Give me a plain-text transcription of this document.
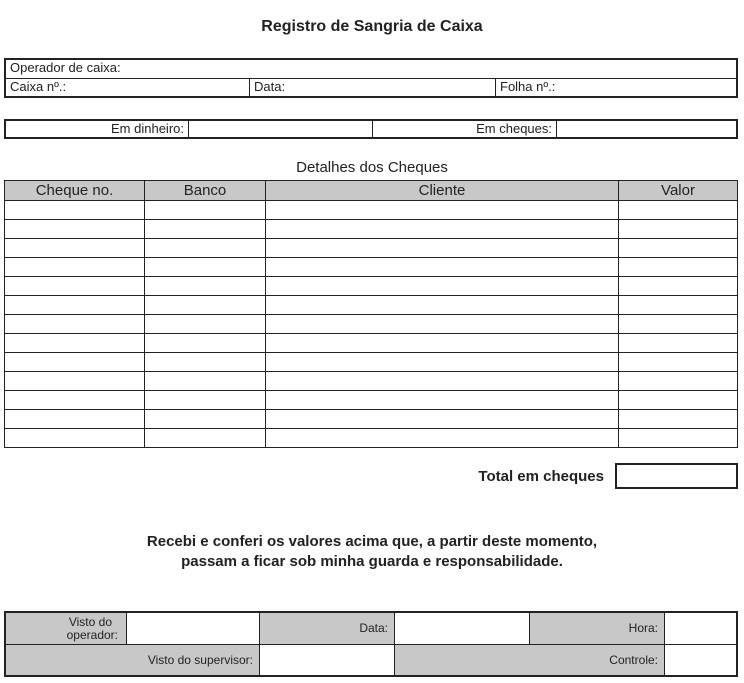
Registro de Sangria de Caixa
Operador de caixa:
Caixa nº.:	Data:	Folha nº.:
Em dinheiro:	Em cheques:
Detalhes dos Cheques
Cheque no.	Banco	Cliente	Valor

Total em cheques
Recebi e conferi os valores acima que, a partir deste momento,
passam a ficar sob minha guarda e responsabilidade.
Visto do
operador:		Data:		Hora:	
Visto do supervisor:			Controle:		
